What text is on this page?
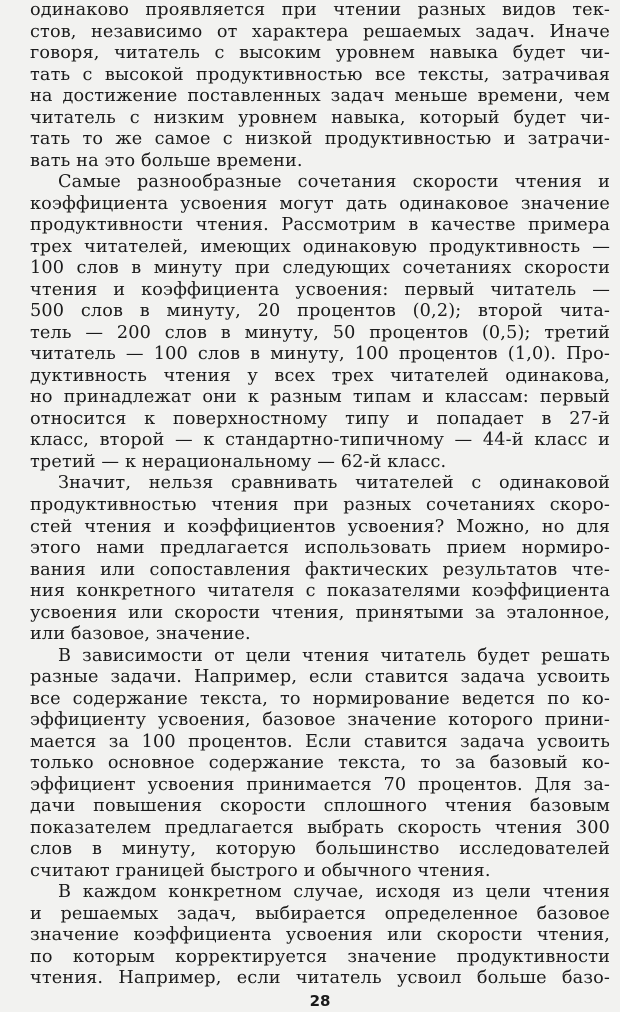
одинаково проявляется при чтении разных видов тек-
стов, независимо от характера решаемых задач. Иначе
говоря, читатель с высоким уровнем навыка будет чи-
тать с высокой продуктивностью все тексты, затрачивая
на достижение поставленных задач меньше времени, чем
читатель с низким уровнем навыка, который будет чи-
тать то же самое с низкой продуктивностью и затрачи-
вать на это больше времени.
Самые разнообразные сочетания скорости чтения и
коэффициента усвоения могут дать одинаковое значение
продуктивности чтения. Рассмотрим в качестве примера
трех читателей, имеющих одинаковую продуктивность —
100 слов в минуту при следующих сочетаниях скорости
чтения и коэффициента усвоения: первый читатель —
500 слов в минуту, 20 процентов (0,2); второй чита-
тель — 200 слов в минуту, 50 процентов (0,5); третий
читатель — 100 слов в минуту, 100 процентов (1,0). Про-
дуктивность чтения у всех трех читателей одинакова,
но принадлежат они к разным типам и классам: первый
относится к поверхностному типу и попадает в 27-й
класс, второй — к стандартно-типичному — 44-й класс и
третий — к нерациональному — 62-й класс.
Значит, нельзя сравнивать читателей с одинаковой
продуктивностью чтения при разных сочетаниях скоро-
стей чтения и коэффициентов усвоения? Можно, но для
этого нами предлагается использовать прием нормиро-
вания или сопоставления фактических результатов чте-
ния конкретного читателя с показателями коэффициента
усвоения или скорости чтения, принятыми за эталонное,
или базовое, значение.
В зависимости от цели чтения читатель будет решать
разные задачи. Например, если ставится задача усвоить
все содержание текста, то нормирование ведется по ко-
эффициенту усвоения, базовое значение которого прини-
мается за 100 процентов. Если ставится задача усвоить
только основное содержание текста, то за базовый ко-
эффициент усвоения принимается 70 процентов. Для за-
дачи повышения скорости сплошного чтения базовым
показателем предлагается выбрать скорость чтения 300
слов в минуту, которую большинство исследователей
считают границей быстрого и обычного чтения.
В каждом конкретном случае, исходя из цели чтения
и решаемых задач, выбирается определенное базовое
значение коэффициента усвоения или скорости чтения,
по которым корректируется значение продуктивности
чтения. Например, если читатель усвоил больше базо-
28
